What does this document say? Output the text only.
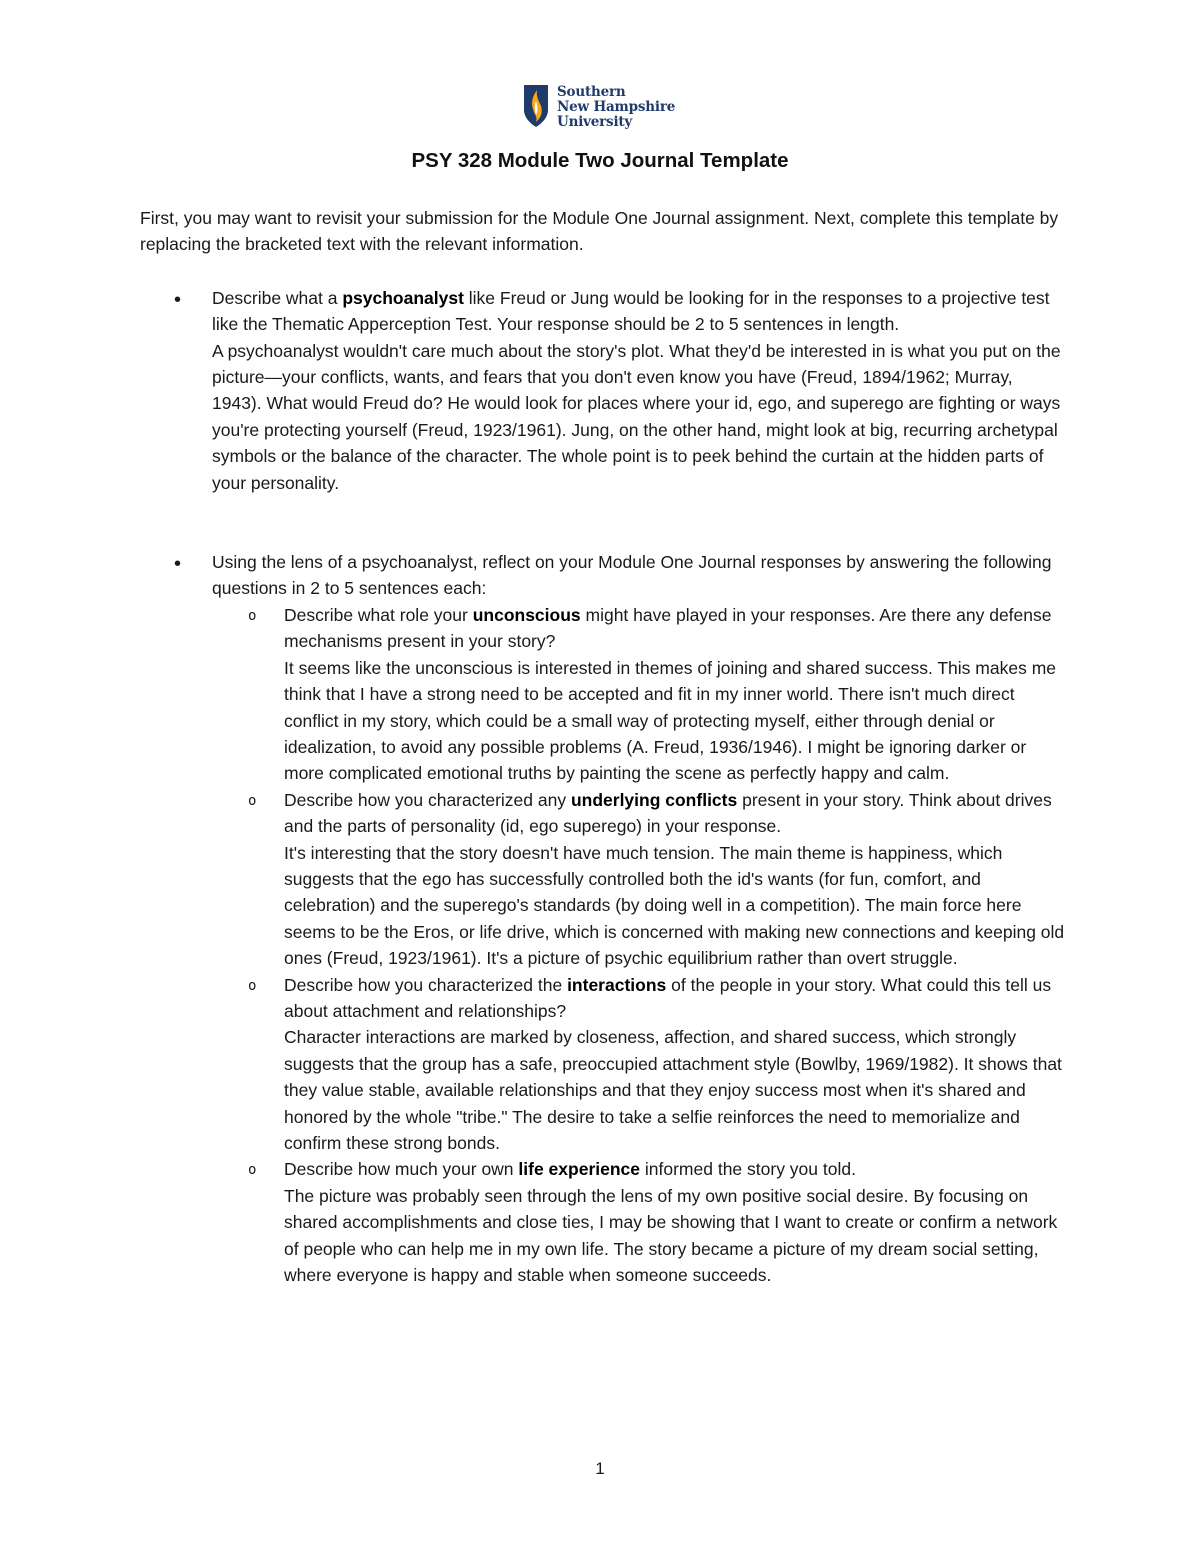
Southern
New Hampshire
University
PSY 328 Module Two Journal Template

First, you may want to revisit your submission for the Module One Journal assignment. Next, complete this template by replacing the bracketed text with the relevant information.

• Describe what a psychoanalyst like Freud or Jung would be looking for in the responses to a projective test like the Thematic Apperception Test. Your response should be 2 to 5 sentences in length.

A psychoanalyst wouldn't care much about the story's plot. What they'd be interested in is what you put on the picture—your conflicts, wants, and fears that you don't even know you have (Freud, 1894/1962; Murray, 1943). What would Freud do? He would look for places where your id, ego, and superego are fighting or ways you're protecting yourself (Freud, 1923/1961). Jung, on the other hand, might look at big, recurring archetypal symbols or the balance of the character. The whole point is to peek behind the curtain at the hidden parts of your personality.

• Using the lens of a psychoanalyst, reflect on your Module One Journal responses by answering the following questions in 2 to 5 sentences each:

o Describe what role your unconscious might have played in your responses. Are there any defense mechanisms present in your story?

It seems like the unconscious is interested in themes of joining and shared success. This makes me think that I have a strong need to be accepted and fit in my inner world. There isn't much direct conflict in my story, which could be a small way of protecting myself, either through denial or idealization, to avoid any possible problems (A. Freud, 1936/1946). I might be ignoring darker or more complicated emotional truths by painting the scene as perfectly happy and calm.

o Describe how you characterized any underlying conflicts present in your story. Think about drives and the parts of personality (id, ego superego) in your response.

It's interesting that the story doesn't have much tension. The main theme is happiness, which suggests that the ego has successfully controlled both the id's wants (for fun, comfort, and celebration) and the superego's standards (by doing well in a competition). The main force here seems to be the Eros, or life drive, which is concerned with making new connections and keeping old ones (Freud, 1923/1961). It's a picture of psychic equilibrium rather than overt struggle.

o Describe how you characterized the interactions of the people in your story. What could this tell us about attachment and relationships?

Character interactions are marked by closeness, affection, and shared success, which strongly suggests that the group has a safe, preoccupied attachment style (Bowlby, 1969/1982). It shows that they value stable, available relationships and that they enjoy success most when it's shared and honored by the whole "tribe." The desire to take a selfie reinforces the need to memorialize and confirm these strong bonds.

o Describe how much your own life experience informed the story you told.

The picture was probably seen through the lens of my own positive social desire. By focusing on shared accomplishments and close ties, I may be showing that I want to create or confirm a network of people who can help me in my own life. The story became a picture of my dream social setting, where everyone is happy and stable when someone succeeds.

1
